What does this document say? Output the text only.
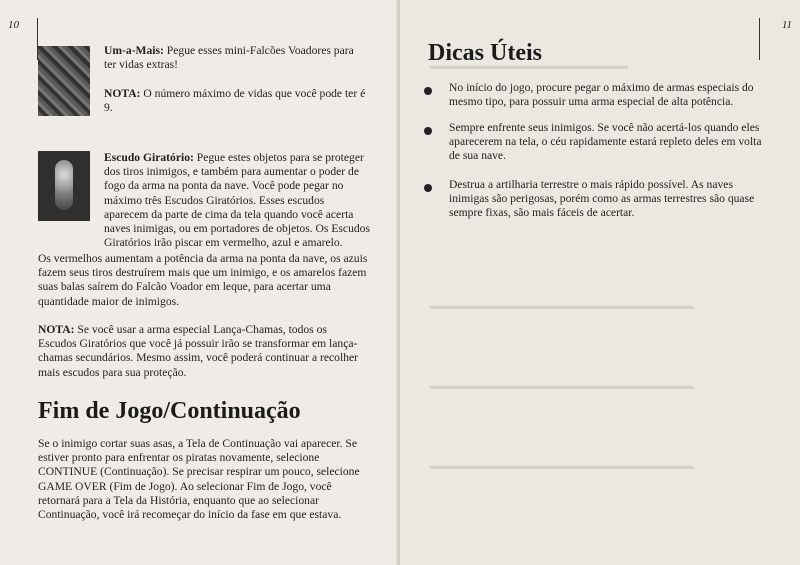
10

Um-a-Mais: Pegue esses mini-Falcões Voadores para ter vidas extras!

NOTA: O número máximo de vidas que você pode ter é 9.

Escudo Giratório: Pegue estes objetos para se proteger dos tiros inimigos, e também para aumentar o poder de fogo da arma na ponta da nave. Você pode pegar no máximo três Escudos Giratórios. Esses escudos aparecem da parte de cima da tela quando você acerta naves inimigas, ou em portadores de objetos. Os Escudos Giratórios irão piscar em vermelho, azul e amarelo.

Os vermelhos aumentam a potência da arma na ponta da nave, os azuis fazem seus tiros destruírem mais que um inimigo, e os amarelos fazem suas balas saírem do Falcão Voador em leque, para acertar uma quantidade maior de inimigos.

NOTA: Se você usar a arma especial Lança-Chamas, todos os Escudos Giratórios que você já possuir irão se transformar em lança-chamas secundários. Mesmo assim, você poderá continuar a recolher mais escudos para sua proteção.

Fim de Jogo/Continuação

Se o inimigo cortar suas asas, a Tela de Continuação vai aparecer. Se estiver pronto para enfrentar os piratas novamente, selecione CONTINUE (Continuação). Se precisar respirar um pouco, selecione GAME OVER (Fim de Jogo). Ao selecionar Fim de Jogo, você retornará para a Tela da História, enquanto que ao selecionar Continuação, você irá recomeçar do início da fase em que estava.

▬▬▬▬▬▬▬▬▬▬▬▬▬▬▬▬▬▬
▬▬▬▬▬▬▬▬▬▬▬▬▬▬▬▬▬▬▬▬▬▬▬▬
▬▬▬▬▬▬▬▬▬▬▬▬▬▬▬▬▬▬▬▬▬▬▬▬
▬▬▬▬▬▬▬▬▬▬▬▬▬▬▬▬▬▬▬▬▬▬▬▬
11
Dicas Úteis

No início do jogo, procure pegar o máximo de armas especiais do mesmo tipo, para possuir uma arma especial de alta potência.

Sempre enfrente seus inimigos. Se você não acertá-los quando eles aparecerem na tela, o céu rapidamente estará repleto deles em volta de sua nave.

Destrua a artilharia terrestre o mais rápido possível. As naves inimigas são perigosas, porém como as armas terrestres são quase sempre fixas, são mais fáceis de acertar.
